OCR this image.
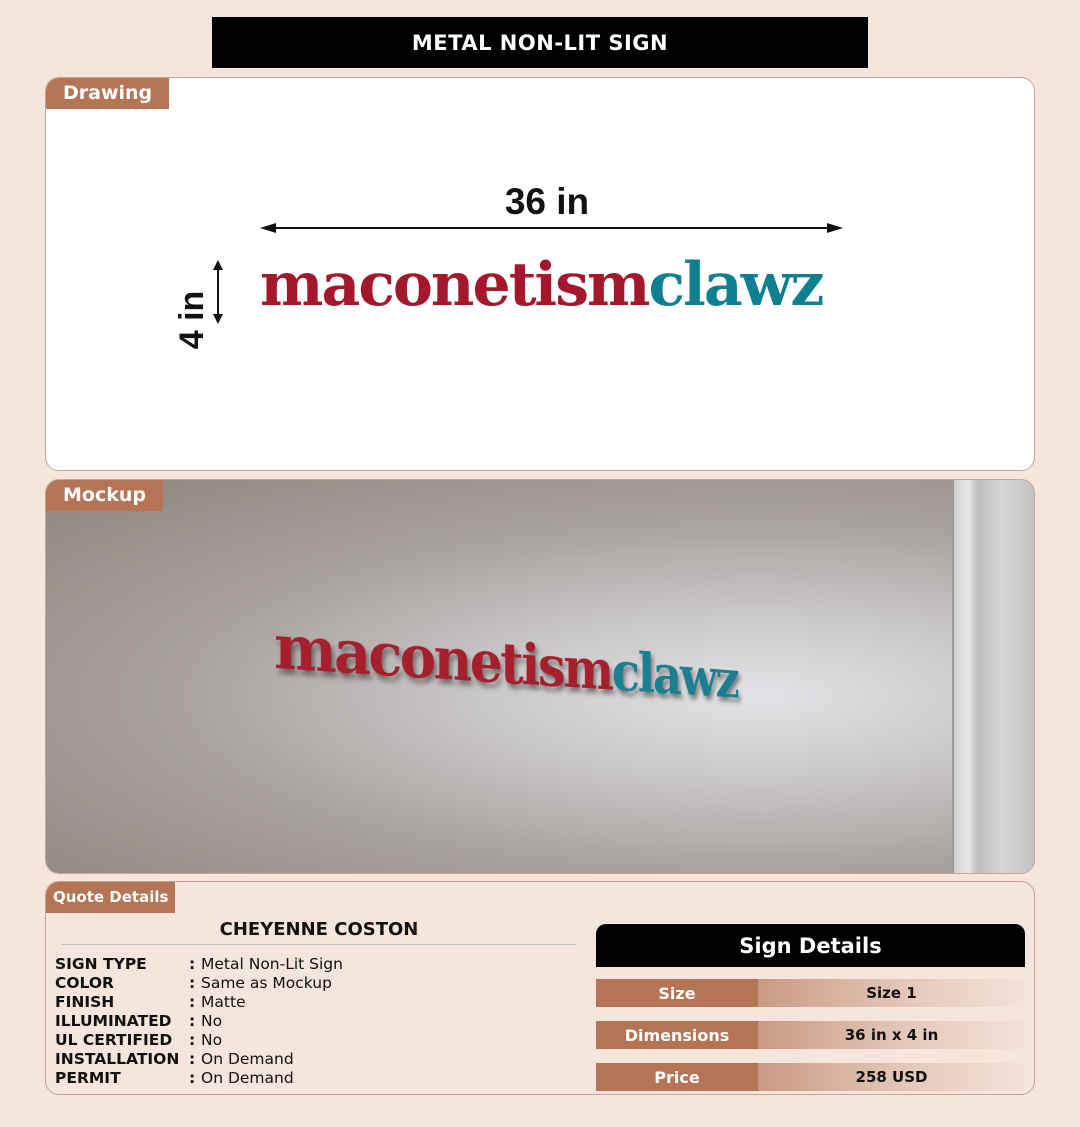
METAL NON-LIT SIGN
Drawing
36 in
4 in maconetismclawz
Mockup
maconetismclawz
Quote Details
CHEYENNE COSTON
SIGN TYPE	: Metal Non-Lit Sign
COLOR	: Same as Mockup
FINISH	: Matte
ILLUMINATED	: No
UL CERTIFIED	: No
INSTALLATION : On Demand
PERMIT	: On Demand
Sign Details
Size	Size 1
Dimensions	36 in x 4 in
Price	258 USD
